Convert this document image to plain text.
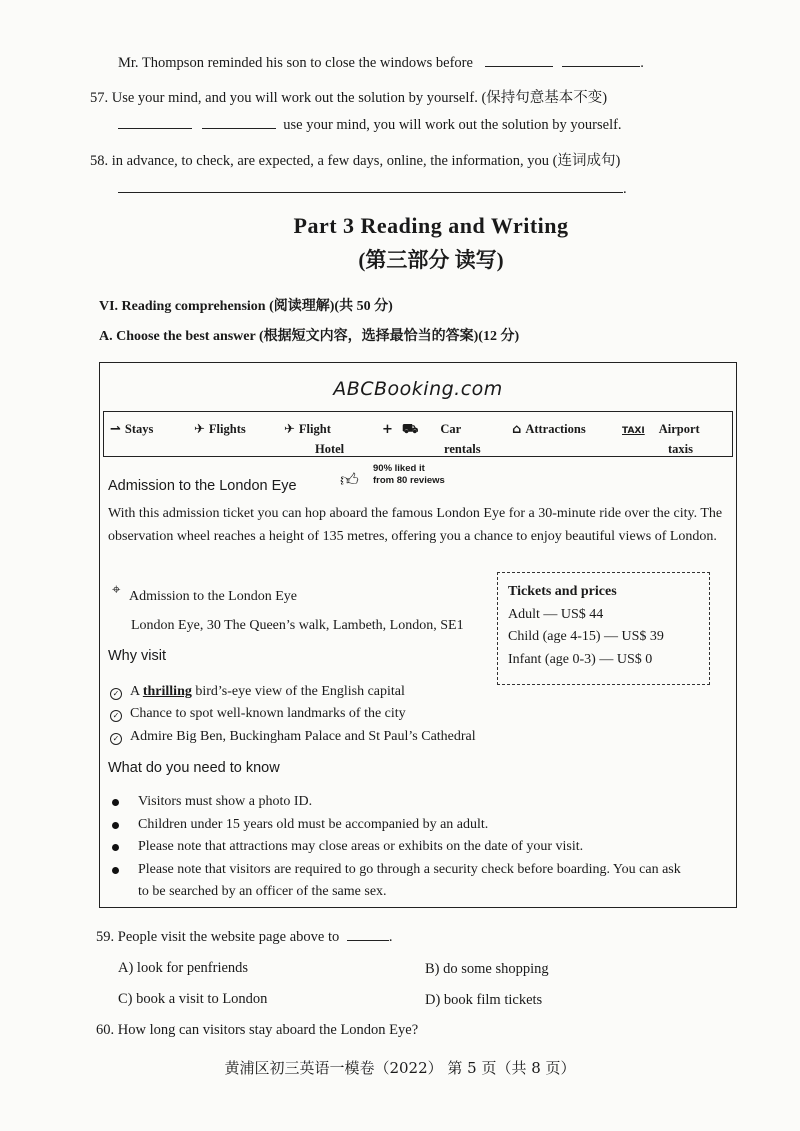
Mr. Thompson reminded his son to close the windows before	.
57. Use your mind, and you will work out the solution by yourself. (保持句意基本不变)
use your mind, you will work out the solution by yourself.
58. in advance, to check, are expected, a few days, online, the information, you (连词成句)
.
Part 3 Reading and Writing
(第三部分 读写)
VI. Reading comprehension (阅读理解)(共 50 分)
A. Choose the best answer (根据短文内容，选择最恰当的答案)(12 分)
ABCBooking.com
⇀ Stays	✈ Flights	✈ Flight
Hotel
+  ⛟ Car
rentals
⌂ Attractions	TAXI Airport
taxis
Admission to the London Eye 👍︎
90% liked it
from 80 reviews
With this admission ticket you can hop aboard the famous London Eye for a 30-minute ride over the city. The observation wheel reaches a height of 135 metres, offering you a chance to enjoy beautiful views of London.
⌖ Admission to the London Eye
London Eye, 30 The Queen’s walk, Lambeth, London, SE1
Tickets and prices
Adult — US$ 44
Child (age 4-15) — US$ 39
Infant (age 0-3) — US$ 0
Why visit
✓ A thrilling bird’s-eye view of the English capital
✓ Chance to spot well-known landmarks of the city
✓ Admire Big Ben, Buckingham Palace and St Paul’s Cathedral
What do you need to know
Visitors must show a photo ID.
Children under 15 years old must be accompanied by an adult.
Please note that attractions may close areas or exhibits on the date of your visit.
Please note that visitors are required to go through a security check before boarding. You can ask
to be searched by an officer of the same sex.
59. People visit the website page above to	.
A) look for penfriends	B) do some shopping
C) book a visit to London	D) book film tickets
60. How long can visitors stay aboard the London Eye?
黄浦区初三英语一模卷（2022） 第 5 页（共 8 页）
